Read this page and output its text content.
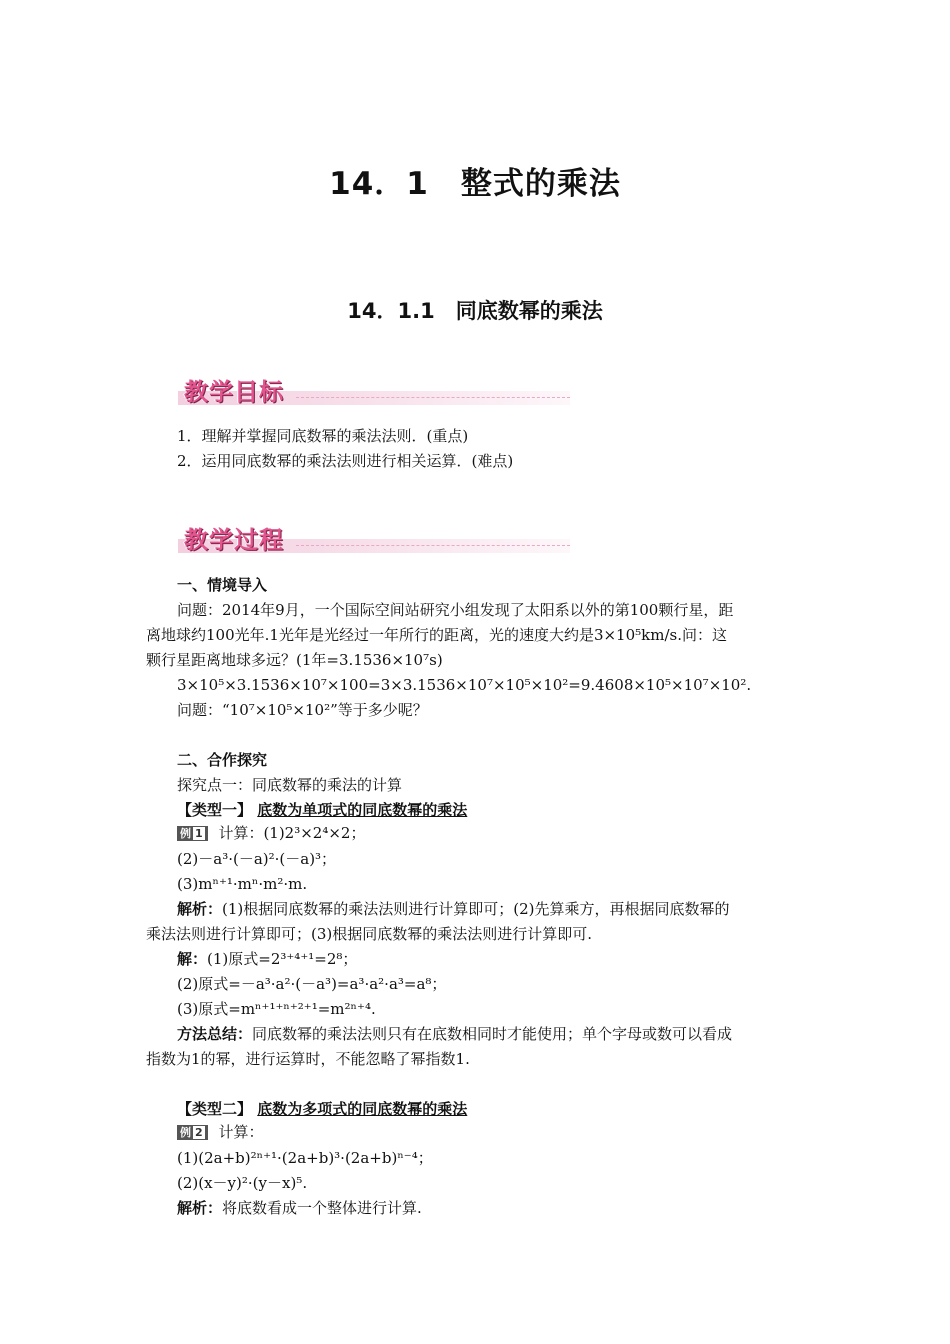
14．1　整式的乘法
14．1.1　同底数幂的乘法
教学目标
1．理解并掌握同底数幂的乘法法则．(重点)
2．运用同底数幂的乘法法则进行相关运算．(难点)
教学过程
一、情境导入
问题：2014年9月，一个国际空间站研究小组发现了太阳系以外的第100颗行星，距
离地球约100光年.1光年是光经过一年所行的距离，光的速度大约是3×10⁵km/s.问：这
颗行星距离地球多远？(1年=3.1536×10⁷s)
3×10⁵×3.1536×10⁷×100=3×3.1536×10⁷×10⁵×10²=9.4608×10⁵×10⁷×10².
问题：“10⁷×10⁵×10²”等于多少呢？
二、合作探究
探究点一：同底数幂的乘法的计算
【类型一】 底数为单项式的同底数幂的乘法
例 1 计算：(1)2³×2⁴×2；
(2)－a³·(－a)²·(－a)³；
(3)mⁿ⁺¹·mⁿ·m²·m.
解析：(1)根据同底数幂的乘法法则进行计算即可；(2)先算乘方，再根据同底数幂的
乘法法则进行计算即可；(3)根据同底数幂的乘法法则进行计算即可.
解：(1)原式=2³⁺⁴⁺¹=2⁸；
(2)原式=－a³·a²·(－a³)=a³·a²·a³=a⁸；
(3)原式=mⁿ⁺¹⁺ⁿ⁺²⁺¹=m²ⁿ⁺⁴.
方法总结：同底数幂的乘法法则只有在底数相同时才能使用；单个字母或数可以看成
指数为1的幂，进行运算时，不能忽略了幂指数1.
【类型二】 底数为多项式的同底数幂的乘法
例 2 计算：
(1)(2a+b)²ⁿ⁺¹·(2a+b)³·(2a+b)ⁿ⁻⁴；
(2)(x－y)²·(y－x)⁵.
解析：将底数看成一个整体进行计算.
